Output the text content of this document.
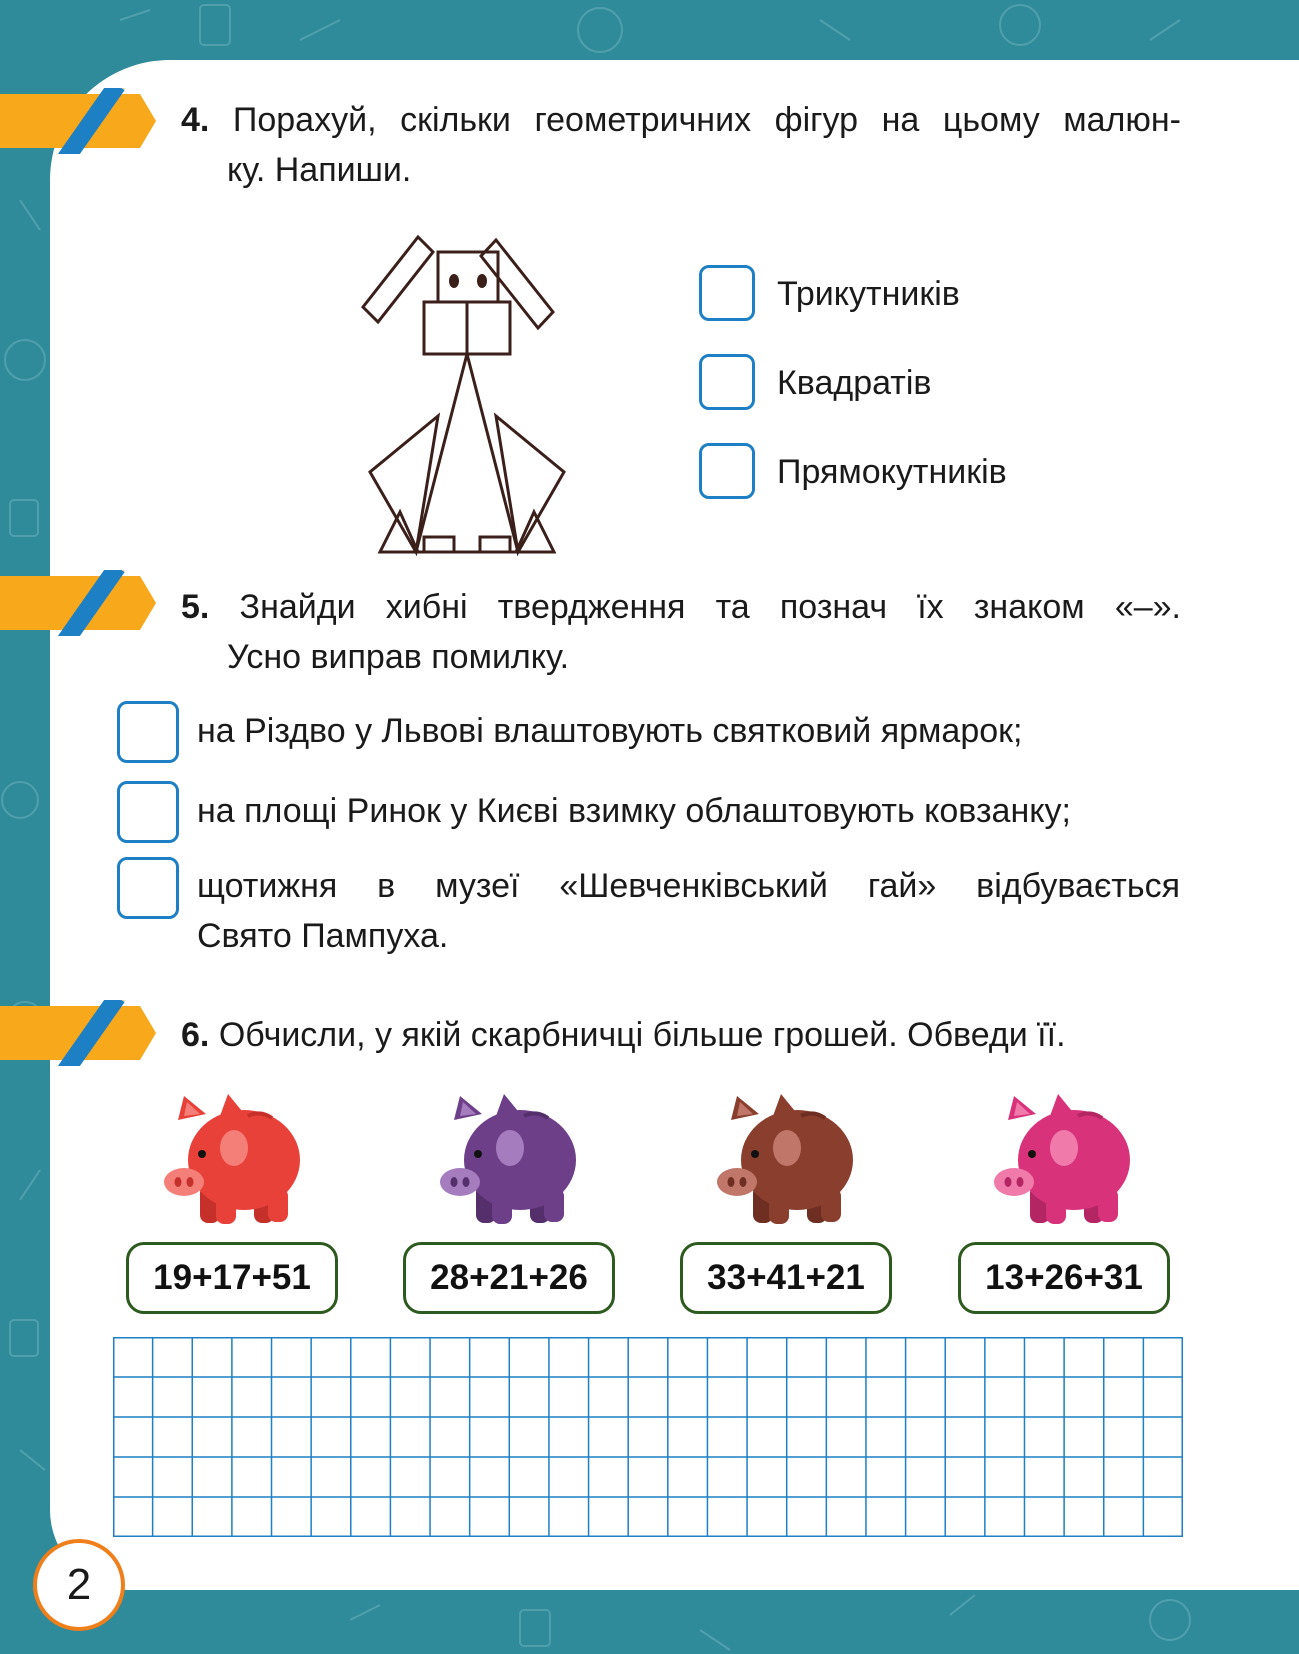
4. Порахуй, скільки геометричних фігур на цьому малюн-
ку. Напиши.
Трикутників
Квадратів
Прямокутників
5. Знайди хибні твердження та познач їх знаком «–».
Усно виправ помилку.
на Різдво у Львові влаштовують святковий ярмарок;
на площі Ринок у Києві взимку облаштовують ковзанку;
щотижня в музеї «Шевченківський гай» відбувається
Свято Пампуха.
6. Обчисли, у якій скарбничці більше грошей. Обведи її.
19+17+51	28+21+26	33+41+21	13+26+31
2
